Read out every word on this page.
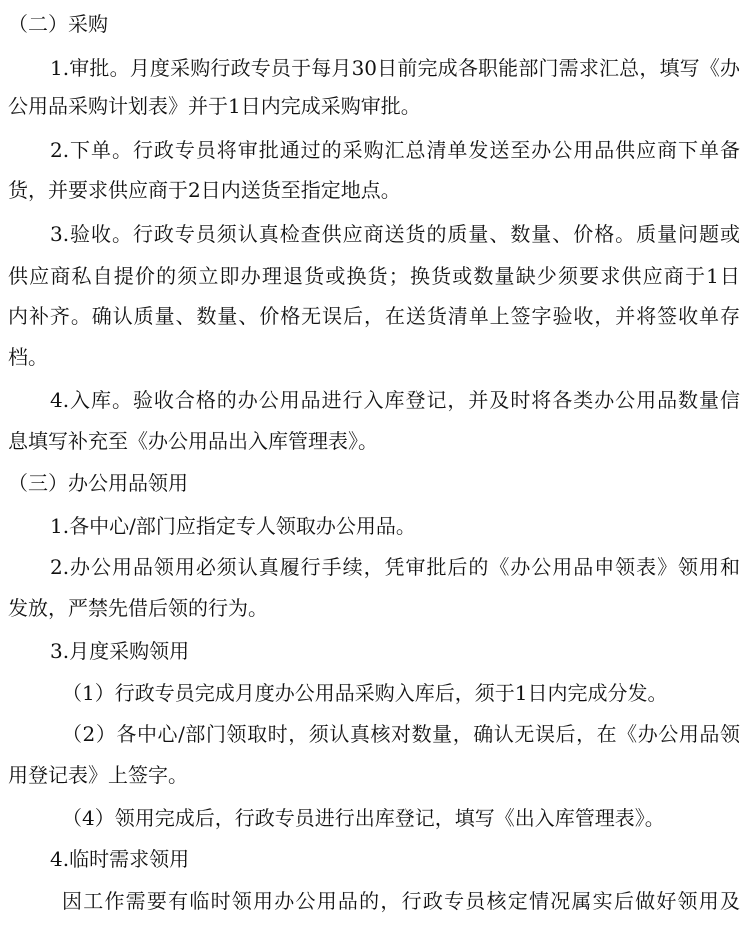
（二）采购
1.审批。月度采购行政专员于每月30日前完成各职能部门需求汇总，填写《办
公用品采购计划表》并于1日内完成采购审批。
2.下单。行政专员将审批通过的采购汇总清单发送至办公用品供应商下单备
货，并要求供应商于2日内送货至指定地点。
3.验收。行政专员须认真检查供应商送货的质量、数量、价格。质量问题或
供应商私自提价的须立即办理退货或换货；换货或数量缺少须要求供应商于1日
内补齐。确认质量、数量、价格无误后，在送货清单上签字验收，并将签收单存
档。
4.入库。验收合格的办公用品进行入库登记，并及时将各类办公用品数量信
息填写补充至《办公用品出入库管理表》。
（三）办公用品领用
1.各中心/部门应指定专人领取办公用品。
2.办公用品领用必须认真履行手续，凭审批后的《办公用品申领表》领用和
发放，严禁先借后领的行为。
3.月度采购领用
（1）行政专员完成月度办公用品采购入库后，须于1日内完成分发。
（2）各中心/部门领取时，须认真核对数量，确认无误后，在《办公用品领
用登记表》上签字。
（4）领用完成后，行政专员进行出库登记，填写《出入库管理表》。
4.临时需求领用
因工作需要有临时领用办公用品的，行政专员核定情况属实后做好领用及
